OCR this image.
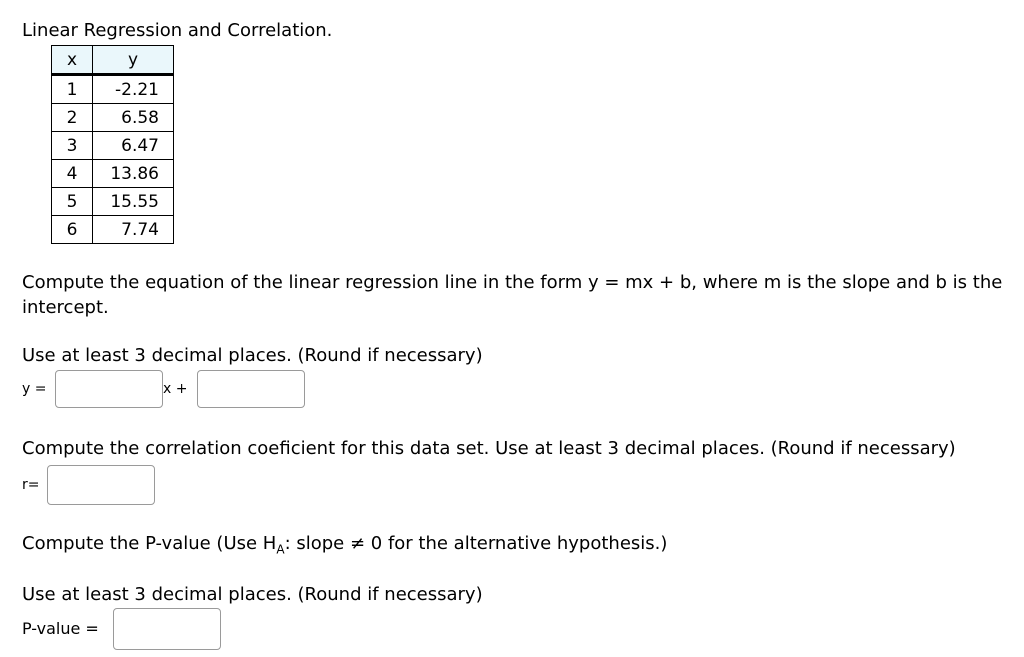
Linear Regression and Correlation.
x	y
1	-2.21
2	6.58
3	6.47
4	13.86
5	15.55
6	7.74
Compute the equation of the linear regression line in the form y = mx + b, where m is the slope and b is the
intercept.
Use at least 3 decimal places. (Round if necessary)
y =	x +
Compute the correlation coeficient for this data set. Use at least 3 decimal places. (Round if necessary)
r=
Compute the P-value (Use $H_A$: slope ≠ 0 for the alternative hypothesis.)
Use at least 3 decimal places. (Round if necessary)
P-value =
